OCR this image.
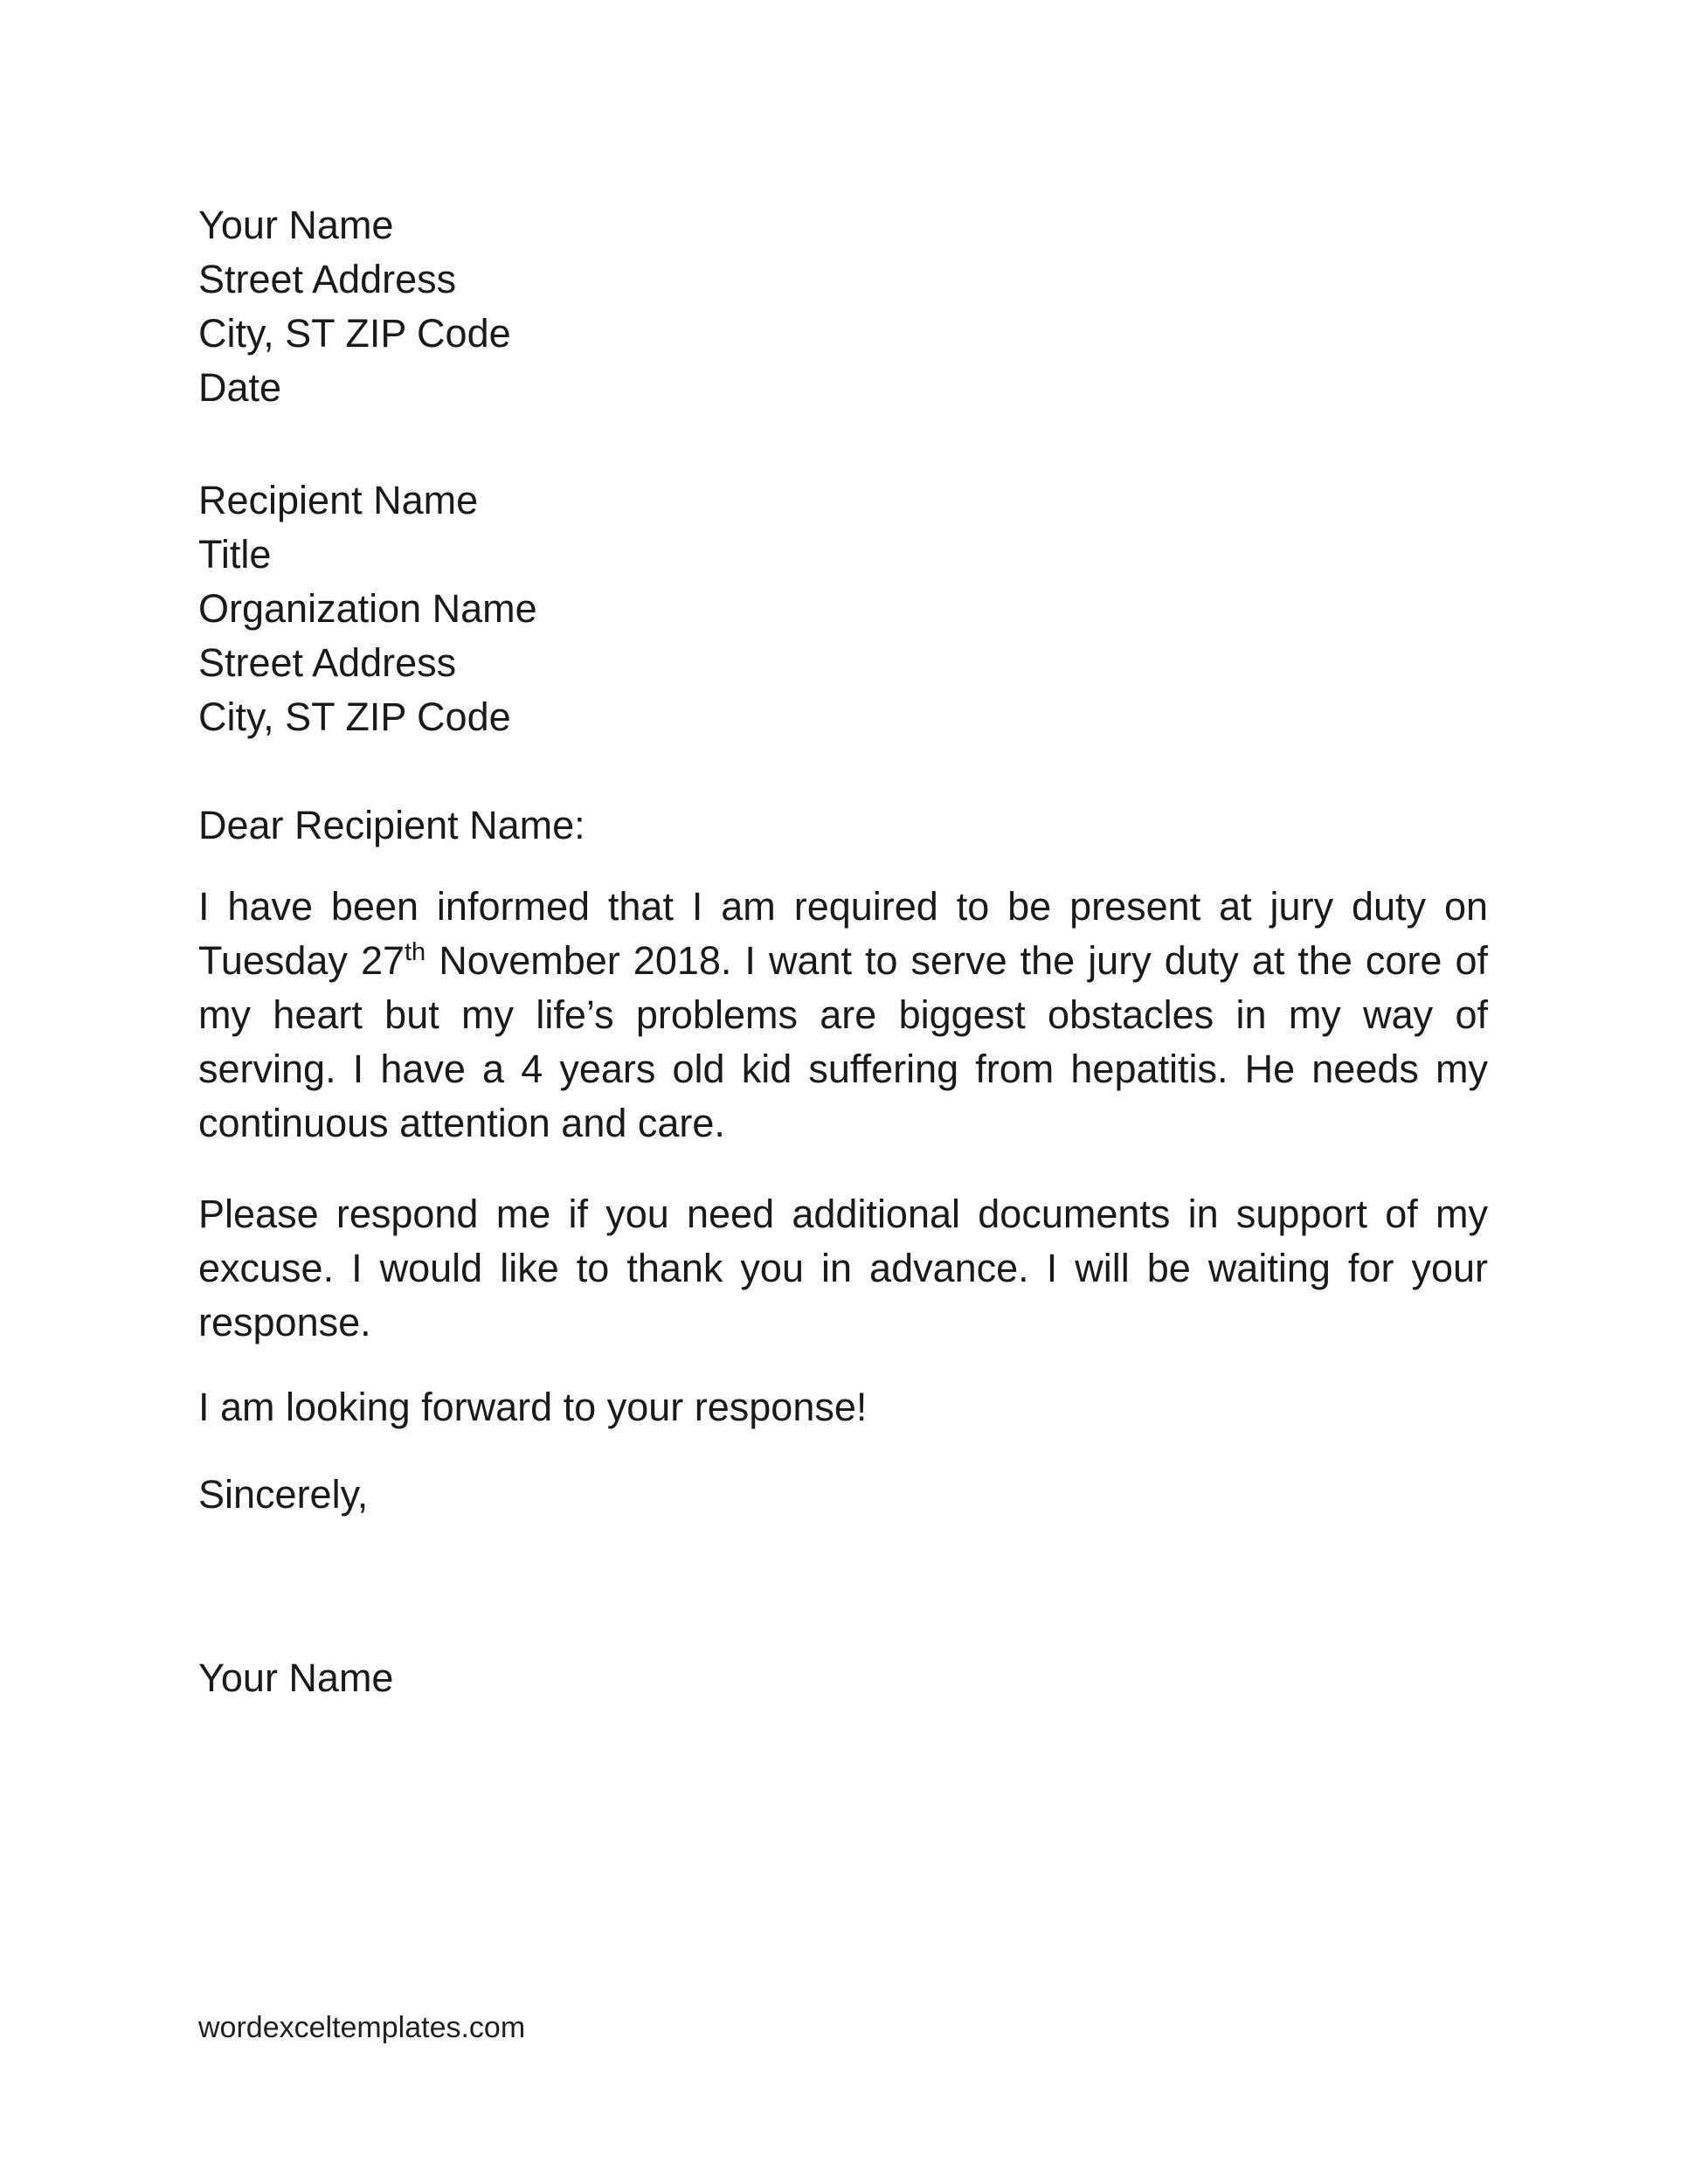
Your Name

Street Address

City, ST ZIP Code

Date

Recipient Name

Title

Organization Name

Street Address

City, ST ZIP Code

Dear Recipient Name:

I have been informed that I am required to be present at jury duty on Tuesday 27th November 2018. I want to serve the jury duty at the core of my heart but my life’s problems are biggest obstacles in my way of serving. I have a 4 years old kid suffering from hepatitis. He needs my continuous attention and care.

Please respond me if you need additional documents in support of my excuse. I would like to thank you in advance. I will be waiting for your response.

I am looking forward to your response!

Sincerely,

Your Name

wordexceltemplates.com
